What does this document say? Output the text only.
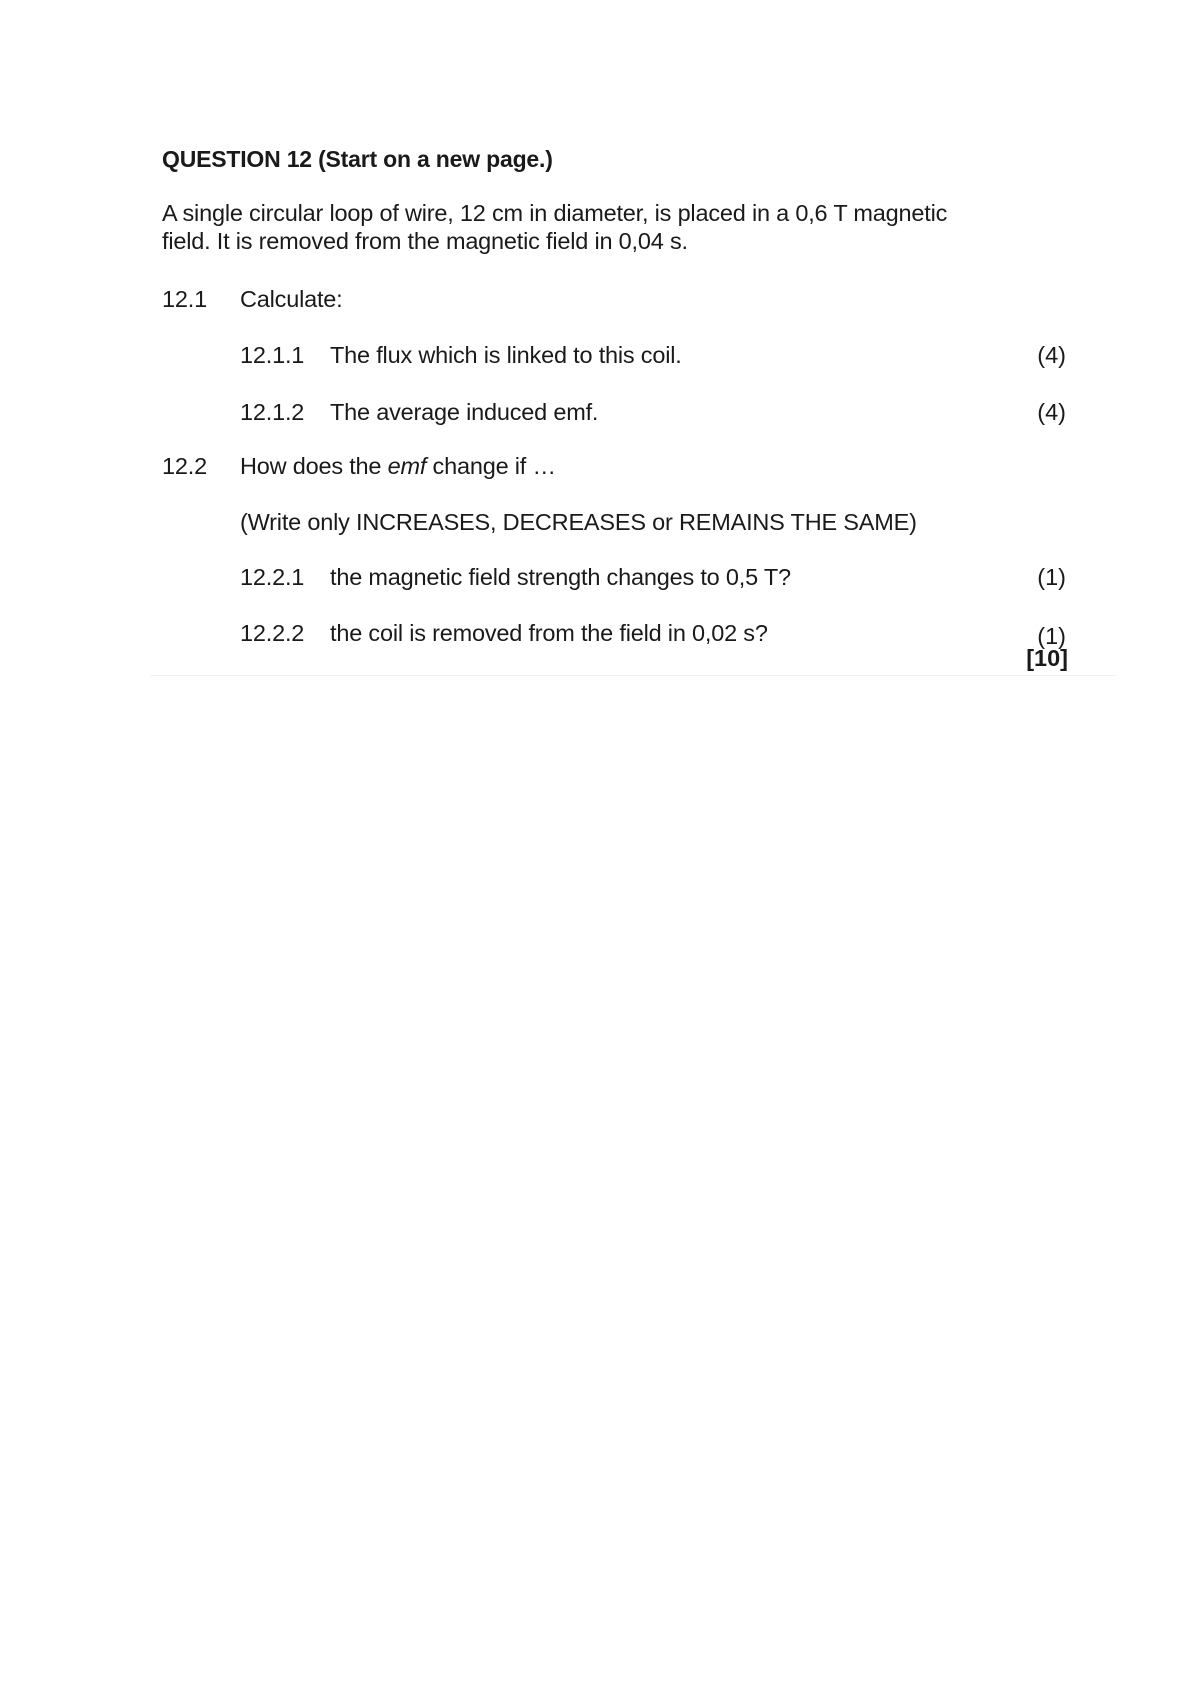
QUESTION 12 (Start on a new page.)
A single circular loop of wire, 12 cm in diameter, is placed in a 0,6 T magnetic
field. It is removed from the magnetic field in 0,04 s.
12.1 Calculate:
12.1.1 The flux which is linked to this coil.	(4)
12.1.2 The average induced emf.	(4)
12.2 How does the emf change if …
(Write only INCREASES, DECREASES or REMAINS THE SAME)
12.2.1 the magnetic field strength changes to 0,5 T?	(1)
12.2.2 the coil is removed from the field in 0,02 s?	(1)
[10]
